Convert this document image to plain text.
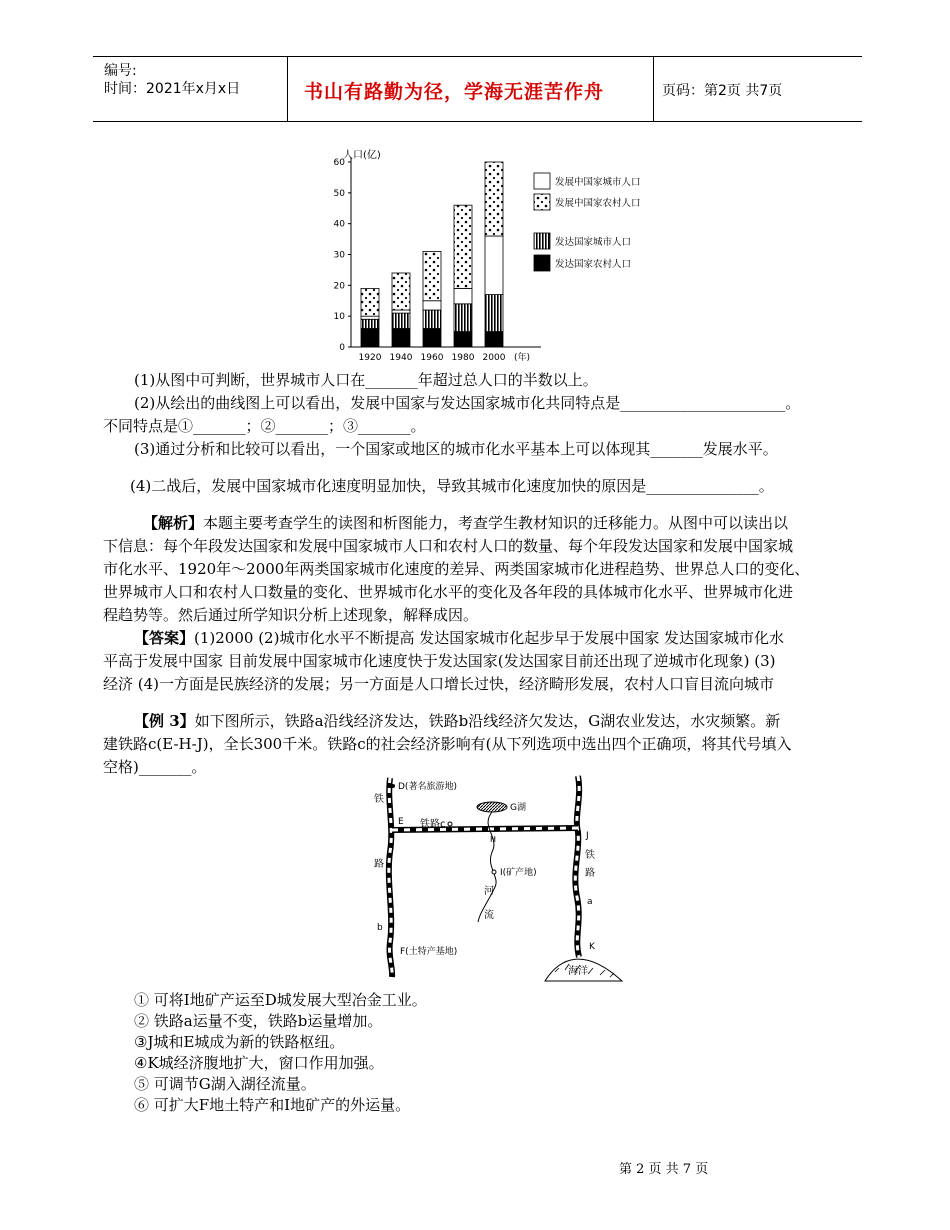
编号:
时间：2021年x月x日	书山有路勤为径，学海无涯苦作舟	页码：第2页 共7页
0
10
20
30
40
50
60
人口(亿)
1920 1940 1960 1980 2000 (年)
发展中国家城市人口
发展中国家农村人口
发达国家城市人口
发达国家农村人口

(1)从图中可判断，世界城市人口在_______年超过总人口的半数以上。

(2)从绘出的曲线图上可以看出，发展中国家与发达国家城市化共同特点是______________________。

不同特点是①_______；②_______；③_______。

(3)通过分析和比较可以看出，一个国家或地区的城市化水平基本上可以体现其_______发展水平。

(4)二战后，发展中国家城市化速度明显加快，导致其城市化速度加快的原因是_______________。

【解析】本题主要考查学生的读图和析图能力，考查学生教材知识的迁移能力。从图中可以读出以

下信息：每个年段发达国家和发展中国家城市人口和农村人口的数量、每个年段发达国家和发展中国家城

市化水平、1920年～2000年两类国家城市化速度的差异、两类国家城市化进程趋势、世界总人口的变化、

世界城市人口和农村人口数量的变化、世界城市化水平的变化及各年段的具体城市化水平、世界城市化进

程趋势等。然后通过所学知识分析上述现象，解释成因。

【答案】(1)2000 (2)城市化水平不断提高 发达国家城市化起步早于发展中国家 发达国家城市化水

平高于发展中国家 目前发展中国家城市化速度快于发达国家(发达国家目前还出现了逆城市化现象) (3)

经济 (4)一方面是民族经济的发展；另一方面是人口增长过快，经济畸形发展，农村人口盲目流向城市

【例 3】如下图所示，铁路a沿线经济发达，铁路b沿线经济欠发达，G湖农业发达，水灾频繁。新

建铁路c(E-H-J)，全长300千米。铁路c的社会经济影响有(从下列选项中选出四个正确项，将其代号填入

空格)_______。

D(著名旅游地)
G湖
E 铁路c
H
I(矿产地)
河
流
J
铁
路
a
K
海洋
铁
路
b
F(土特产基地)

① 可将I地矿产运至D城发展大型冶金工业。

② 铁路a运量不变，铁路b运量增加。

③J城和E城成为新的铁路枢纽。

④K城经济腹地扩大，窗口作用加强。

⑤ 可调节G湖入湖径流量。

⑥ 可扩大F地土特产和I地矿产的外运量。

第 2 页 共 7 页
